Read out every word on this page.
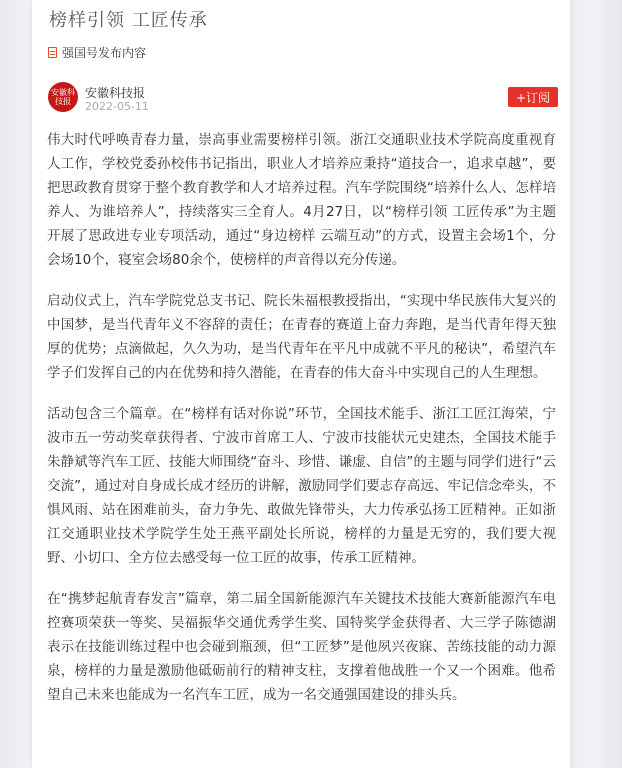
榜样引领 工匠传承
强国号发布内容
安徽科技报
安徽科技报
2022-05-11
+订阅

伟大时代呼唤青春力量，崇高事业需要榜样引领。浙江交通职业技术学院高度重视育人工作，学校党委孙校伟书记指出，职业人才培养应秉持“道技合一，追求卓越”，要把思政教育贯穿于整个教育教学和人才培养过程。汽车学院围绕“培养什么人、怎样培养人、为谁培养人”，持续落实三全育人。4月27日，以“榜样引领 工匠传承”为主题开展了思政进专业专项活动，通过“身边榜样 云端互动”的方式，设置主会场1个，分会场10个，寝室会场80余个，使榜样的声音得以充分传递。

启动仪式上，汽车学院党总支书记、院长朱福根教授指出，“实现中华民族伟大复兴的中国梦，是当代青年义不容辞的责任；在青春的赛道上奋力奔跑，是当代青年得天独厚的优势；点滴做起，久久为功，是当代青年在平凡中成就不平凡的秘诀”，希望汽车学子们发挥自己的内在优势和持久潜能，在青春的伟大奋斗中实现自己的人生理想。

活动包含三个篇章。在“榜样有话对你说”环节，全国技术能手、浙江工匠江海荣，宁波市五一劳动奖章获得者、宁波市首席工人、宁波市技能状元史建杰，全国技术能手朱静斌等汽车工匠、技能大师围绕“奋斗、珍惜、谦虚、自信”的主题与同学们进行“云交流”，通过对自身成长成才经历的讲解，激励同学们要志存高远、牢记信念牵头，不惧风雨、站在困难前头，奋力争先、敢做先锋带头，大力传承弘扬工匠精神。正如浙江交通职业技术学院学生处王燕平副处长所说，榜样的力量是无穷的，我们要大视野、小切口、全方位去感受每一位工匠的故事，传承工匠精神。

在“携梦起航青春发言”篇章，第二届全国新能源汽车关键技术技能大赛新能源汽车电控赛项荣获一等奖、吴福振华交通优秀学生奖、国特奖学金获得者、大三学子陈德湖表示在技能训练过程中也会碰到瓶颈，但“工匠梦”是他夙兴夜寐、苦练技能的动力源泉，榜样的力量是激励他砥砺前行的精神支柱，支撑着他战胜一个又一个困难。他希望自己未来也能成为一名汽车工匠，成为一名交通强国建设的排头兵。
